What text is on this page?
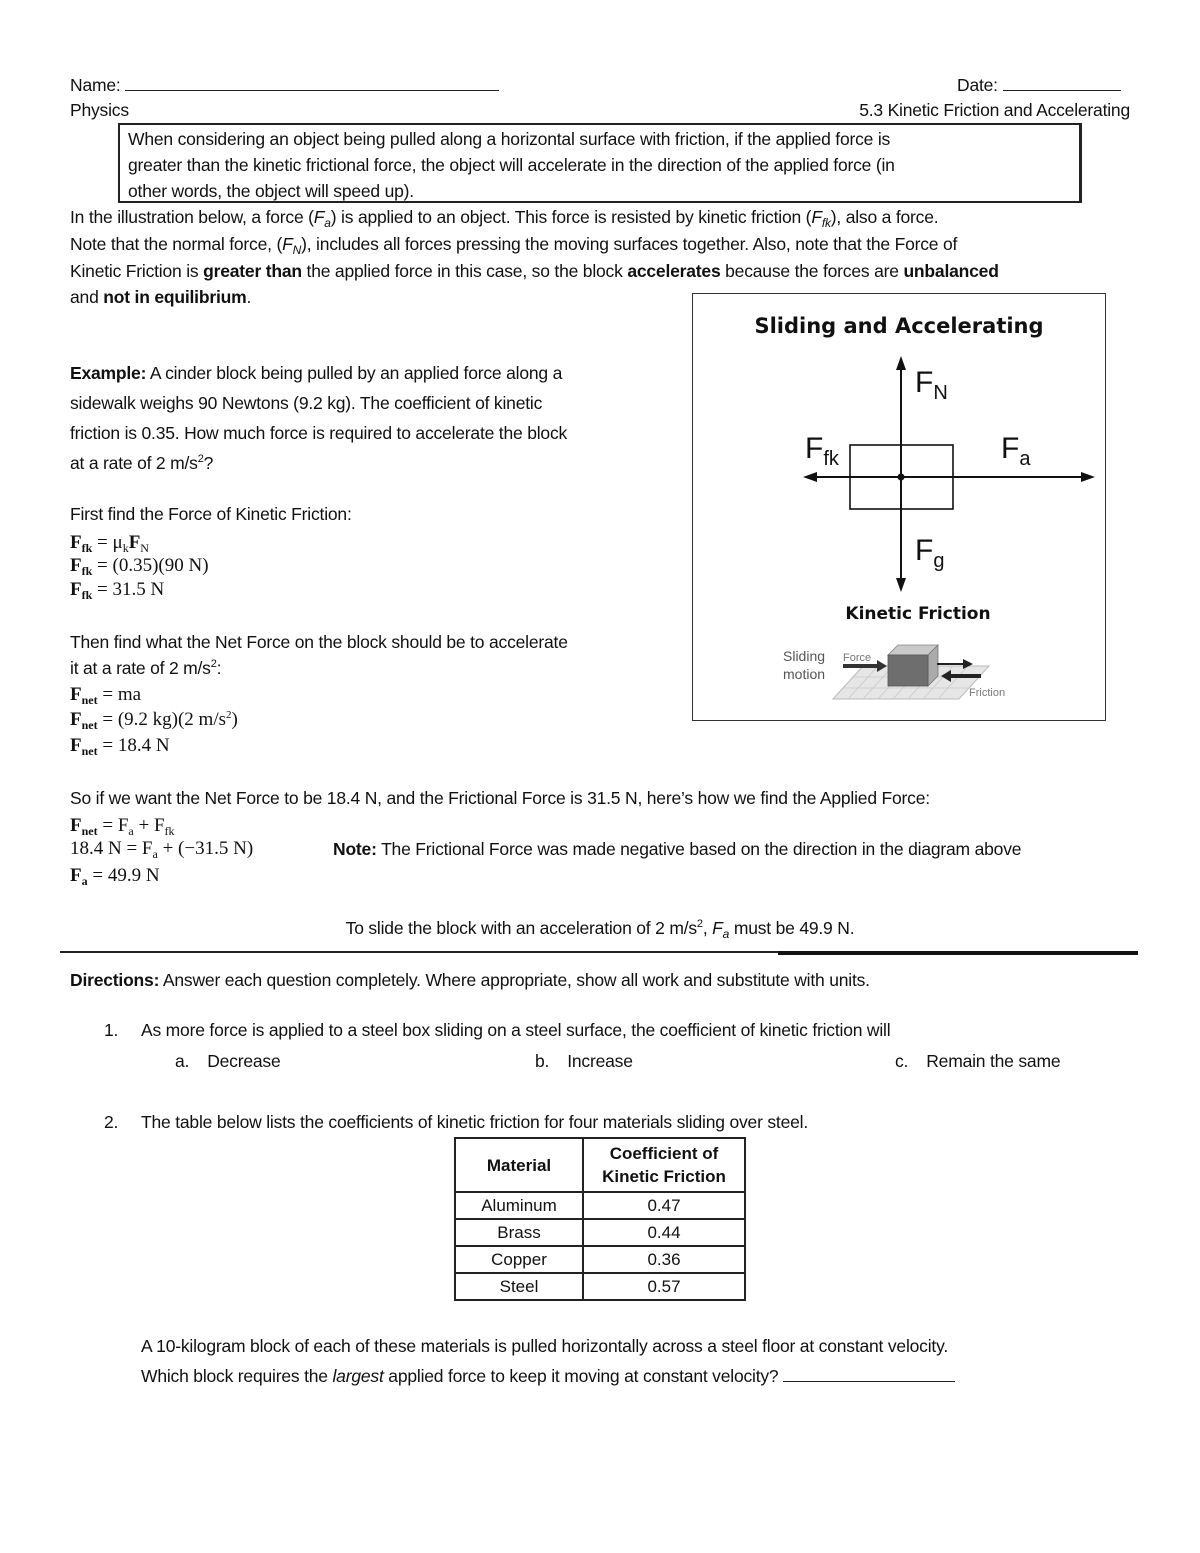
Name:	Date:
Physics	5.3 Kinetic Friction and Accelerating
When considering an object being pulled along a horizontal surface with friction, if the applied force is
greater than the kinetic frictional force, the object will accelerate in the direction of the applied force (in
other words, the object will speed up).
In the illustration below, a force $(F_a)$ is applied to an object. This force is resisted by kinetic friction $(F_{fk})$, also a force.
Note that the normal force, $(F_N)$, includes all forces pressing the moving surfaces together. Also, note that the Force of
Kinetic Friction is greater than the applied force in this case, so the block accelerates because the forces are unbalanced
and not in equilibrium.
Sliding and Accelerating
$F_N$
$F_{fk}$	$F_a$
$F_g$
Kinetic Friction
Sliding
motion
Force
Friction
Example: A cinder block being pulled by an applied force along a
sidewalk weighs 90 Newtons (9.2 kg). The coefficient of kinetic
friction is 0.35. How much force is required to accelerate the block
at a rate of 2 $m/s^2$?
First find the Force of Kinetic Friction:
$F_{fk} = \mu_kF_N$
$F_{fk} = (0.35)(90$ N)
$F_{fk} = 31.5$ N
Then find what the Net Force on the block should be to accelerate
it at a rate of 2 $m/s^2$:
$F_{net}$ = ma
$F_{net} = (9.2$ kg)(2 $m/s^2$)
$F_{net} = 18.4$ N
So if we want the Net Force to be 18.4 N, and the Frictional Force is 31.5 N, here’s how we find the Applied Force:
$F_{net} = F_a + F_{fk}$
18.4 $N = F_a + (-31.5$ N)	Note: The Frictional Force was made negative based on the direction in the diagram above
$F_a = 49.9$ N
To slide the block with an acceleration of 2 $m/s^2$, $F_a$ must be 49.9 N.
Directions: Answer each question completely. Where appropriate, show all work and substitute with units.
1. As more force is applied to a steel box sliding on a steel surface, the coefficient of kinetic friction will
a. Decrease	b. Increase	c. Remain the same
2. The table below lists the coefficients of kinetic friction for four materials sliding over steel.
Material	Coefficient of
Kinetic Friction

Aluminum	0.47
Brass	0.44
Copper	0.36
Steel	0.57
A 10-kilogram block of each of these materials is pulled horizontally across a steel floor at constant velocity.
Which block requires the largest applied force to keep it moving at constant velocity?
